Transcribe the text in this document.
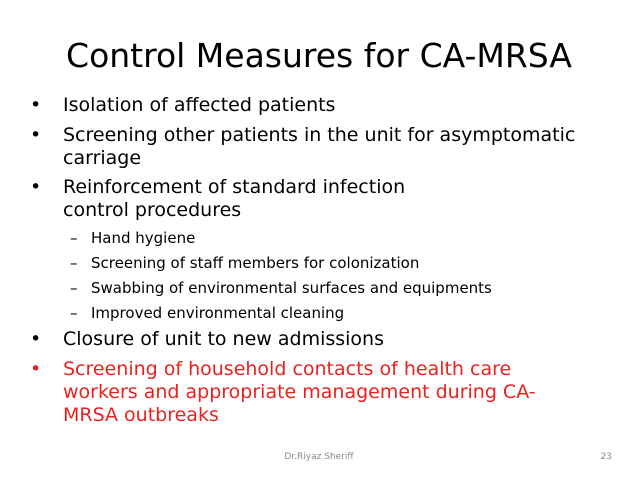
Control Measures for CA-MRSA
•	Isolation of affected patients
•	Screening other patients in the unit for asymptomatic carriage
•	Reinforcement of standard infection control procedures
– Hand hygiene
– Screening of staff members for colonization
– Swabbing of environmental surfaces and equipments
– Improved environmental cleaning
•	Closure of unit to new admissions
•	Screening of household contacts of health care workers and appropriate management during CA-MRSA outbreaks
Dr.Riyaz Sheriff	23
